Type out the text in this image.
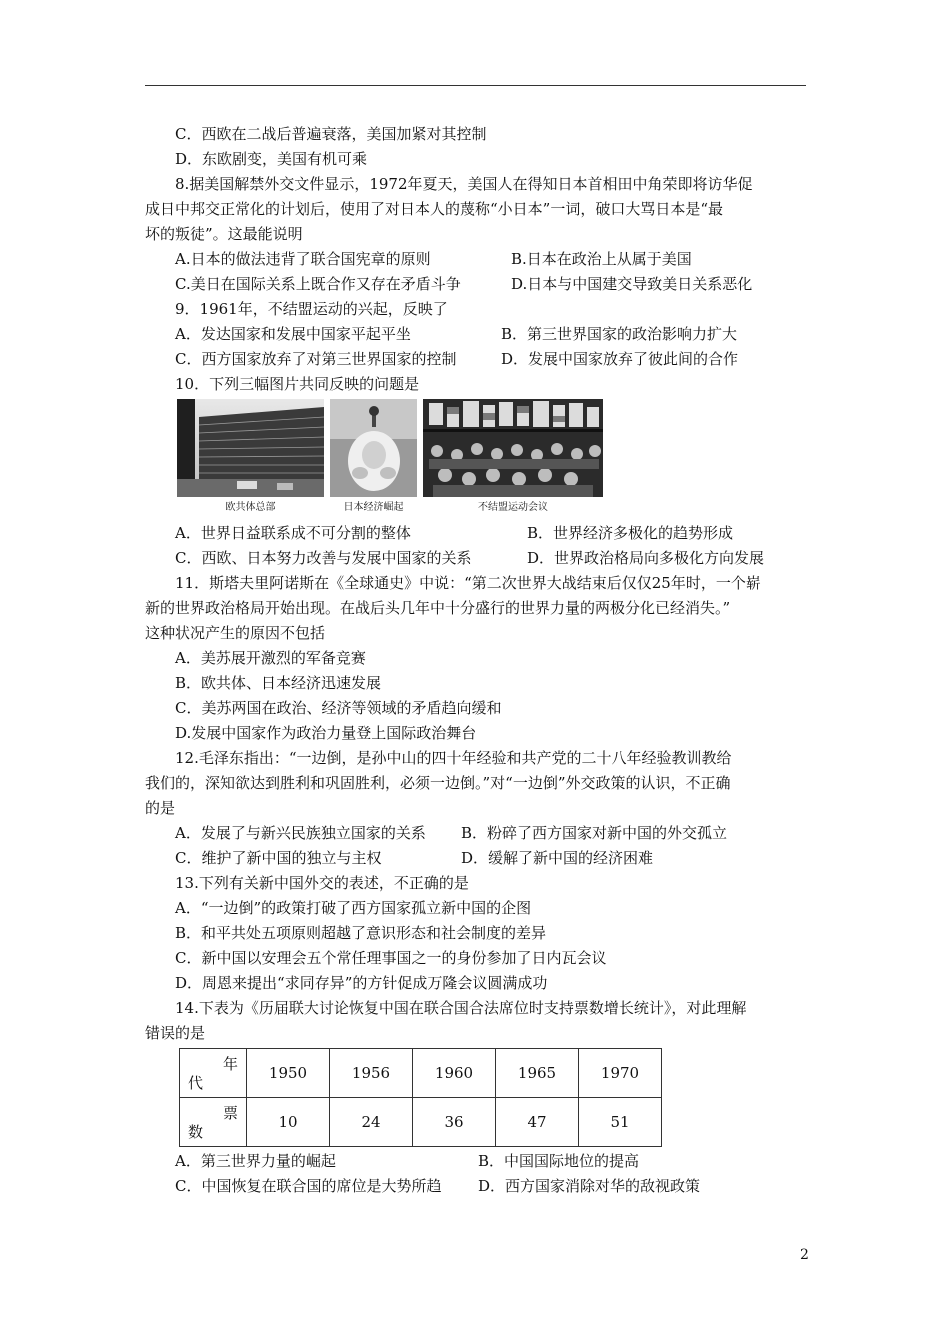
C．西欧在二战后普遍衰落，美国加紧对其控制
D．东欧剧变，美国有机可乘
8.据美国解禁外交文件显示，1972年夏天，美国人在得知日本首相田中角荣即将访华促
成日中邦交正常化的计划后，使用了对日本人的蔑称“小日本”一词，破口大骂日本是“最
坏的叛徒”。这最能说明
A.日本的做法违背了联合国宪章的原则	B.日本在政治上从属于美国
C.美日在国际关系上既合作又存在矛盾斗争	D.日本与中国建交导致美日关系恶化
9．1961年，不结盟运动的兴起，反映了
A．发达国家和发展中国家平起平坐	B．第三世界国家的政治影响力扩大
C．西方国家放弃了对第三世界国家的控制	D．发展中国家放弃了彼此间的合作
10．下列三幅图片共同反映的问题是
欧共体总部	日本经济崛起	不结盟运动会议
A．世界日益联系成不可分割的整体	B．世界经济多极化的趋势形成
C．西欧、日本努力改善与发展中国家的关系	D．世界政治格局向多极化方向发展
11．斯塔夫里阿诺斯在《全球通史》中说：“第二次世界大战结束后仅仅25年时，一个崭
新的世界政治格局开始出现。在战后头几年中十分盛行的世界力量的两极分化已经消失。”
这种状况产生的原因不包括
A．美苏展开激烈的军备竞赛
B．欧共体、日本经济迅速发展
C．美苏两国在政治、经济等领域的矛盾趋向缓和
D.发展中国家作为政治力量登上国际政治舞台
12.毛泽东指出：“一边倒，是孙中山的四十年经验和共产党的二十八年经验教训教给
我们的，深知欲达到胜利和巩固胜利，必须一边倒。”对“一边倒”外交政策的认识，不正确
的是
A．发展了与新兴民族独立国家的关系	B．粉碎了西方国家对新中国的外交孤立
C．维护了新中国的独立与主权	D．缓解了新中国的经济困难
13.下列有关新中国外交的表述，不正确的是
A．“一边倒”的政策打破了西方国家孤立新中国的企图
B．和平共处五项原则超越了意识形态和社会制度的差异
C．新中国以安理会五个常任理事国之一的身份参加了日内瓦会议
D．周恩来提出“求同存异”的方针促成万隆会议圆满成功
14.下表为《历届联大讨论恢复中国在联合国合法席位时支持票数增长统计》，对此理解
错误的是
年
代	1950	1956	1960	1965	1970

票
数	10	24	36	47	51
A．第三世界力量的崛起	B．中国国际地位的提高
C．中国恢复在联合国的席位是大势所趋	D．西方国家消除对华的敌视政策
2
